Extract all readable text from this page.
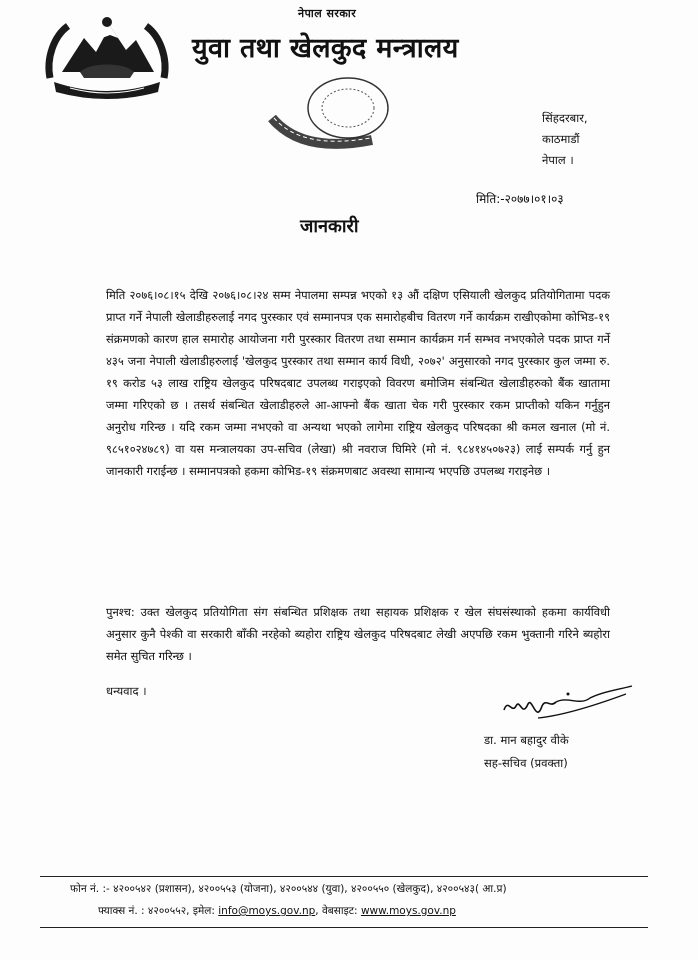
नेपाल सरकार
युवा तथा खेलकुद मन्त्रालय
सिंहदरबार,
काठमाडौं
नेपाल ।
मिति:-२०७७।०१।०३
जानकारी
मिति २०७६।०८।१५ देखि २०७६।०८।२४ सम्म नेपालमा सम्पन्न भएको १३ औं दक्षिण एसियाली खेलकुद प्रतियोगितामा पदक प्राप्त गर्ने नेपाली खेलाडीहरुलाई नगद पुरस्कार एवं सम्मानपत्र एक समारोहबीच वितरण गर्ने कार्यक्रम राखीएकोमा कोभिड-१९ संक्रमणको कारण हाल समारोह आयोजना गरी पुरस्कार वितरण तथा सम्मान कार्यक्रम गर्न सम्भव नभएकोले पदक प्राप्त गर्ने ४३५ जना नेपाली खेलाडीहरुलाई 'खेलकुद पुरस्कार तथा सम्मान कार्य विधी, २०७२' अनुसारको नगद पुरस्कार कुल जम्मा रु. १९ करोड ५३ लाख राष्ट्रिय खेलकुद परिषदबाट उपलब्ध गराइएको विवरण बमोजिम संबन्धित खेलाडीहरुको बैंक खातामा जम्मा गरिएको छ । तसर्थ संबन्धित खेलाडीहरुले आ-आफ्नो बैंक खाता चेक गरी पुरस्कार रकम प्राप्तीको यकिन गर्नुहुन अनुरोध गरिन्छ । यदि रकम जम्मा नभएको वा अन्यथा भएको लागेमा राष्ट्रिय खेलकुद परिषदका श्री कमल खनाल (मो नं. ९८५१०२४७८९) वा यस मन्त्रालयका उप-सचिव (लेखा) श्री नवराज घिमिरे (मो नं. ९८४१४५०७२३) लाई सम्पर्क गर्नु हुन जानकारी गराईन्छ । सम्मानपत्रको हकमा कोभिड-१९ संक्रमणबाट अवस्था सामान्य भएपछि उपलब्ध गराइनेछ ।
पुनश्च: उक्त खेलकुद प्रतियोगिता संग संबन्धित प्रशिक्षक तथा सहायक प्रशिक्षक र खेल संघसंस्थाको हकमा कार्यविधी अनुसार कुनै पेश्की वा सरकारी बाँकी नरहेको ब्यहोरा राष्ट्रिय खेलकुद परिषदबाट लेखी अएपछि रकम भुक्तानी गरिने ब्यहोरा समेत सुचित गरिन्छ ।
धन्यवाद ।
डा. मान बहादुर वीके
सह-सचिव (प्रवक्ता)
फोन नं. :- ४२००५४२ (प्रशासन), ४२००५५३ (योजना), ४२००५४४ (युवा), ४२००५५० (खेलकुद), ४२००५४३( आ.प्र)
फ्याक्स नं. : ४२००५५२, इमेल: info@moys.gov.np, वेबसाइट: www.moys.gov.np
